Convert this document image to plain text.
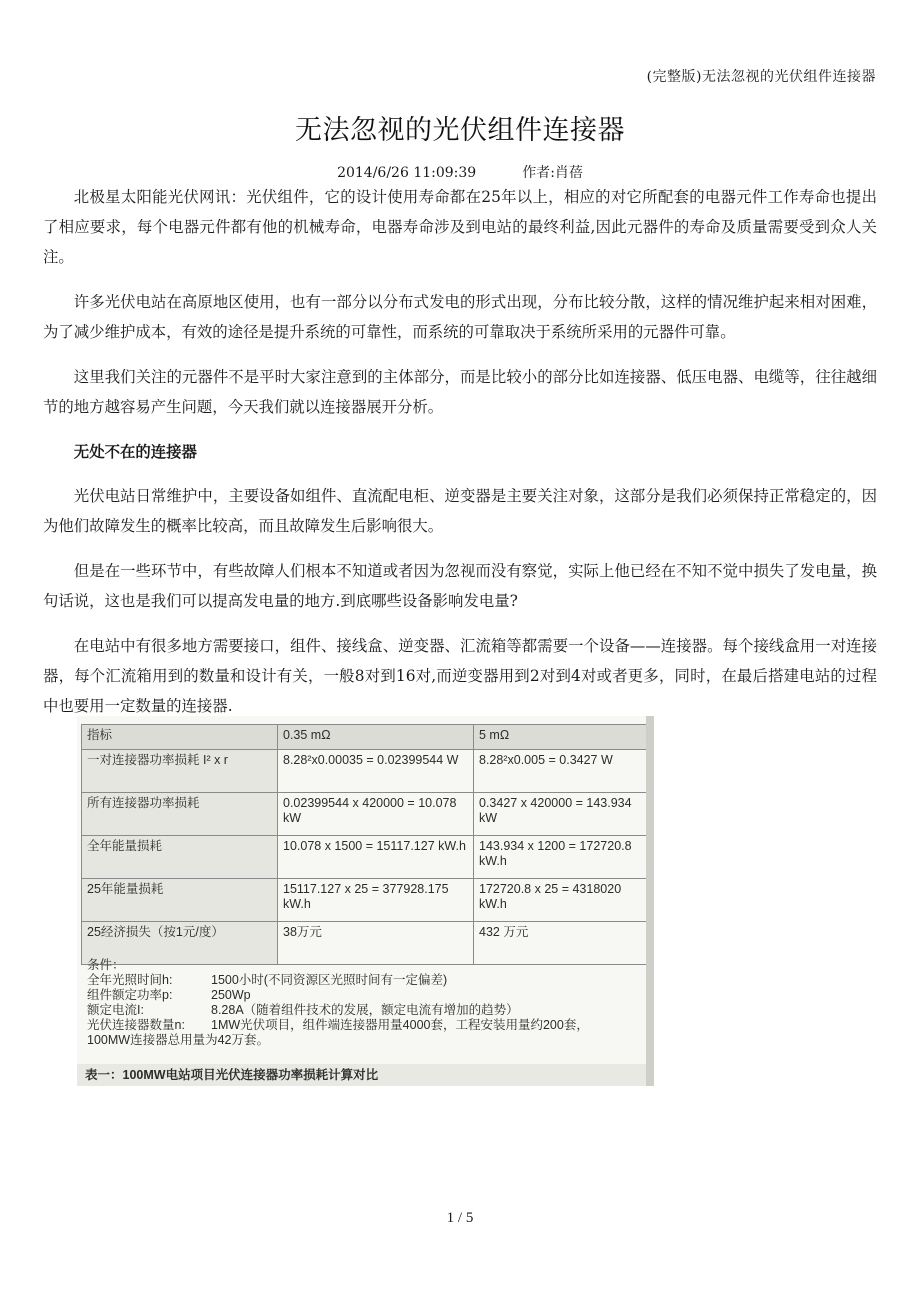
(完整版)无法忽视的光伏组件连接器
无法忽视的光伏组件连接器
2014/6/26 11:09:39	作者:肖蓓

北极星太阳能光伏网讯：光伏组件，它的设计使用寿命都在25年以上，相应的对它所配套的电器元件工作寿命也提出了相应要求，每个电器元件都有他的机械寿命，电器寿命涉及到电站的最终利益,因此元器件的寿命及质量需要受到众人关注。

许多光伏电站在高原地区使用，也有一部分以分布式发电的形式出现，分布比较分散，这样的情况维护起来相对困难，为了减少维护成本，有效的途径是提升系统的可靠性，而系统的可靠取决于系统所采用的元器件可靠。

这里我们关注的元器件不是平时大家注意到的主体部分，而是比较小的部分比如连接器、低压电器、电缆等，往往越细节的地方越容易产生问题，今天我们就以连接器展开分析。

无处不在的连接器

光伏电站日常维护中，主要设备如组件、直流配电柜、逆变器是主要关注对象，这部分是我们必须保持正常稳定的，因为他们故障发生的概率比较高，而且故障发生后影响很大。

但是在一些环节中，有些故障人们根本不知道或者因为忽视而没有察觉，实际上他已经在不知不觉中损失了发电量，换句话说，这也是我们可以提高发电量的地方.到底哪些设备影响发电量?

在电站中有很多地方需要接口，组件、接线盒、逆变器、汇流箱等都需要一个设备——连接器。每个接线盒用一对连接器，每个汇流箱用到的数量和设计有关，一般8对到16对,而逆变器用到2对到4对或者更多，同时，在最后搭建电站的过程中也要用一定数量的连接器.

指标	0.35 mΩ	5 mΩ
一对连接器功率损耗 I² x r	8.28²x0.00035 = 0.02399544 W	8.28²x0.005 = 0.3427 W
所有连接器功率损耗	0.02399544 x 420000 = 10.078 kW	0.3427 x 420000 = 143.934 kW
全年能量损耗	10.078 x 1500 = 15117.127 kW.h	143.934 x 1200 = 172720.8 kW.h
25年能量损耗	15117.127 x 25 = 377928.175 kW.h	172720.8 x 25 = 4318020 kW.h
25经济损失（按1元/度）	38万元	432 万元
条件：
全年光照时间h:	1500小时(不同资源区光照时间有一定偏差)
组件额定功率p:	250Wp
额定电流I:	8.28A（随着组件技术的发展，额定电流有增加的趋势）
光伏连接器数量n:	1MW光伏项目，组件端连接器用量4000套，工程安装用量约200套，
100MW连接器总用量为42万套。
表一：100MW电站项目光伏连接器功率损耗计算对比
1 / 5
